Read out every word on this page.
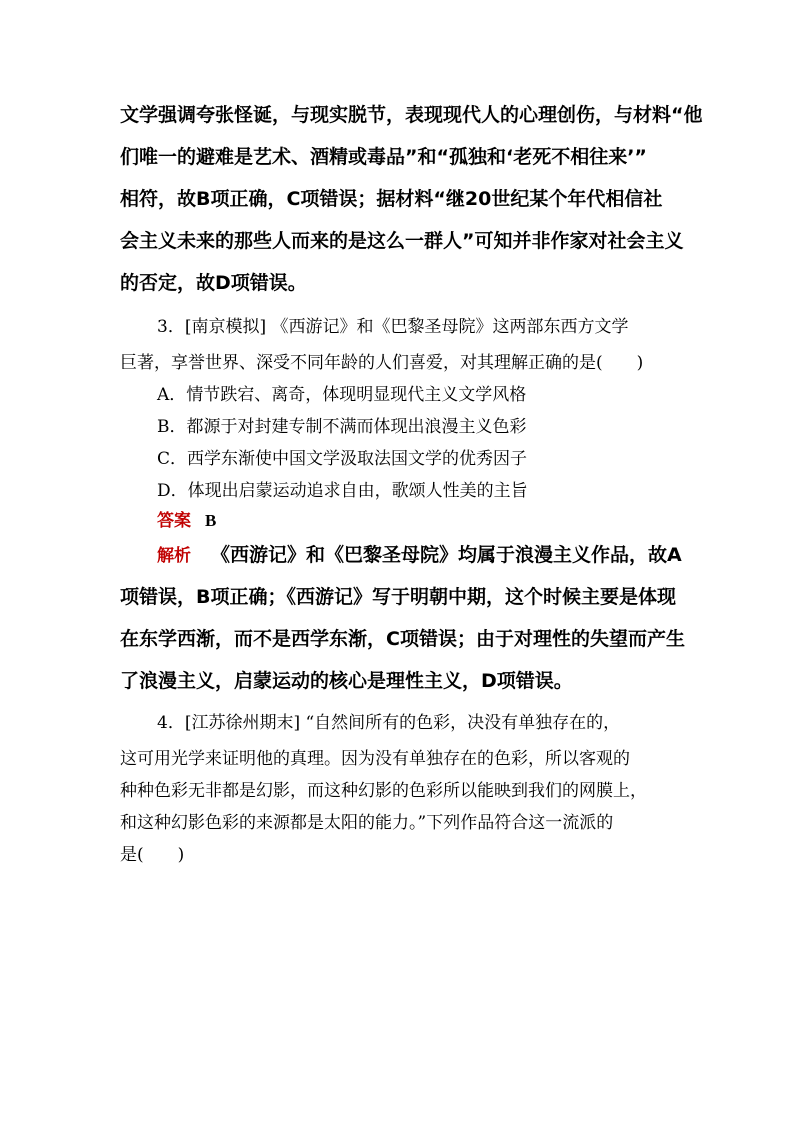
文学强调夸张怪诞，与现实脱节，表现现代人的心理创伤，与材料“他
们唯一的避难是艺术、酒精或毒品”和“孤独和‘老死不相往来’”
相符，故B项正确，C项错误；据材料“继20世纪某个年代相信社
会主义未来的那些人而来的是这么一群人”可知并非作家对社会主义
的否定，故D项错误。
3．[南京模拟] 《西游记》和《巴黎圣母院》这两部东西方文学
巨著，享誉世界、深受不同年龄的人们喜爱，对其理解正确的是(　　)
A．情节跌宕、离奇，体现明显现代主义文学风格
B．都源于对封建专制不满而体现出浪漫主义色彩
C．西学东渐使中国文学汲取法国文学的优秀因子
D．体现出启蒙运动追求自由，歌颂人性美的主旨
答案 B
解析 《西游记》和《巴黎圣母院》均属于浪漫主义作品，故A
项错误，B项正确；《西游记》写于明朝中期，这个时候主要是体现
在东学西渐，而不是西学东渐，C项错误；由于对理性的失望而产生
了浪漫主义，启蒙运动的核心是理性主义，D项错误。
4．[江苏徐州期末] “自然间所有的色彩，决没有单独存在的，
这可用光学来证明他的真理。因为没有单独存在的色彩，所以客观的
种种色彩无非都是幻影，而这种幻影的色彩所以能映到我们的网膜上，
和这种幻影色彩的来源都是太阳的能力。”下列作品符合这一流派的
是(　　)
